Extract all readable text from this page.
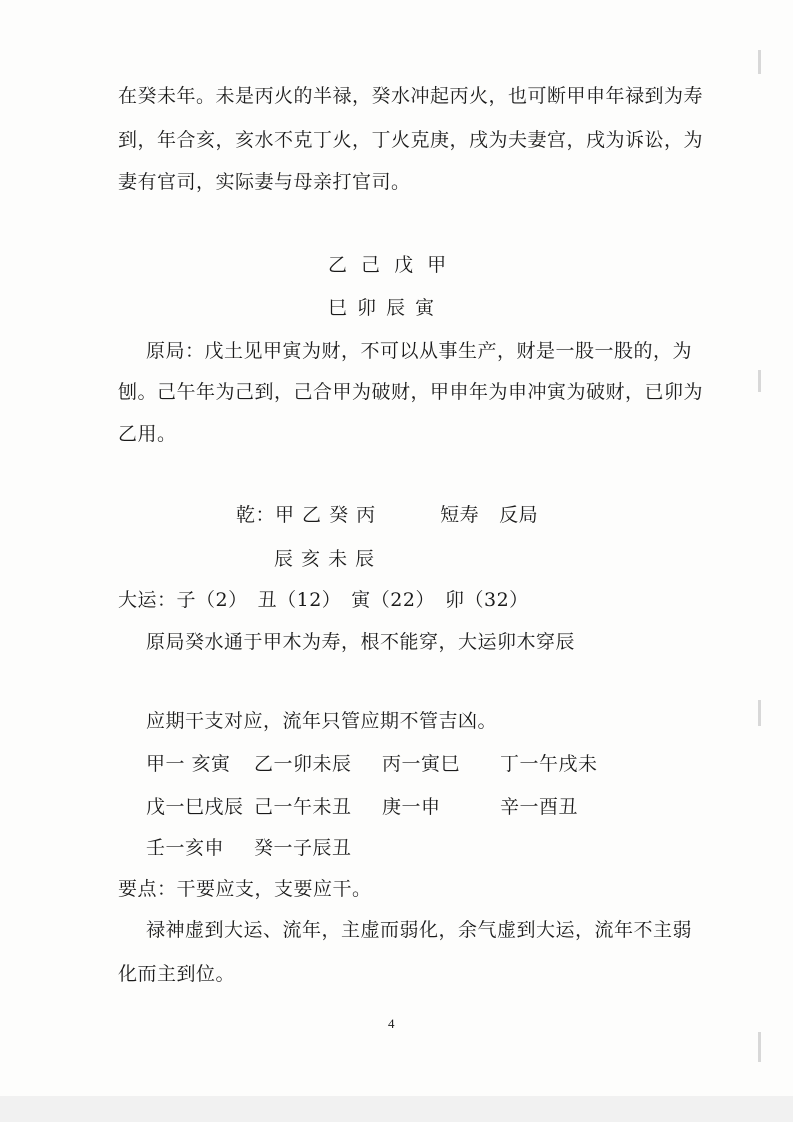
在癸未年。未是丙火的半禄，癸水冲起丙火，也可断甲申年禄到为寿
到，年合亥，亥水不克丁火，丁火克庚，戌为夫妻宫，戌为诉讼，为
妻有官司，实际妻与母亲打官司。
乙 己 戊 甲
巳 卯 辰 寅
原局：戊土见甲寅为财，不可以从事生产，财是一股一股的，为
刨。己午年为己到，己合甲为破财，甲申年为申冲寅为破财，已卯为
乙用。
乾：甲 乙 癸 丙	短寿 反局
辰 亥 未 辰
大运：子（2） 丑（12） 寅（22） 卯（32）
原局癸水通于甲木为寿，根不能穿，大运卯木穿辰
应期干支对应，流年只管应期不管吉凶。
甲一 亥寅 乙一卯未辰 丙一寅巳 丁一午戌未
戊一巳戌辰 己一午未丑 庚一申	辛一酉丑
壬一亥申 癸一子辰丑
要点：干要应支，支要应干。
禄神虚到大运、流年，主虚而弱化，余气虚到大运，流年不主弱
化而主到位。
4
